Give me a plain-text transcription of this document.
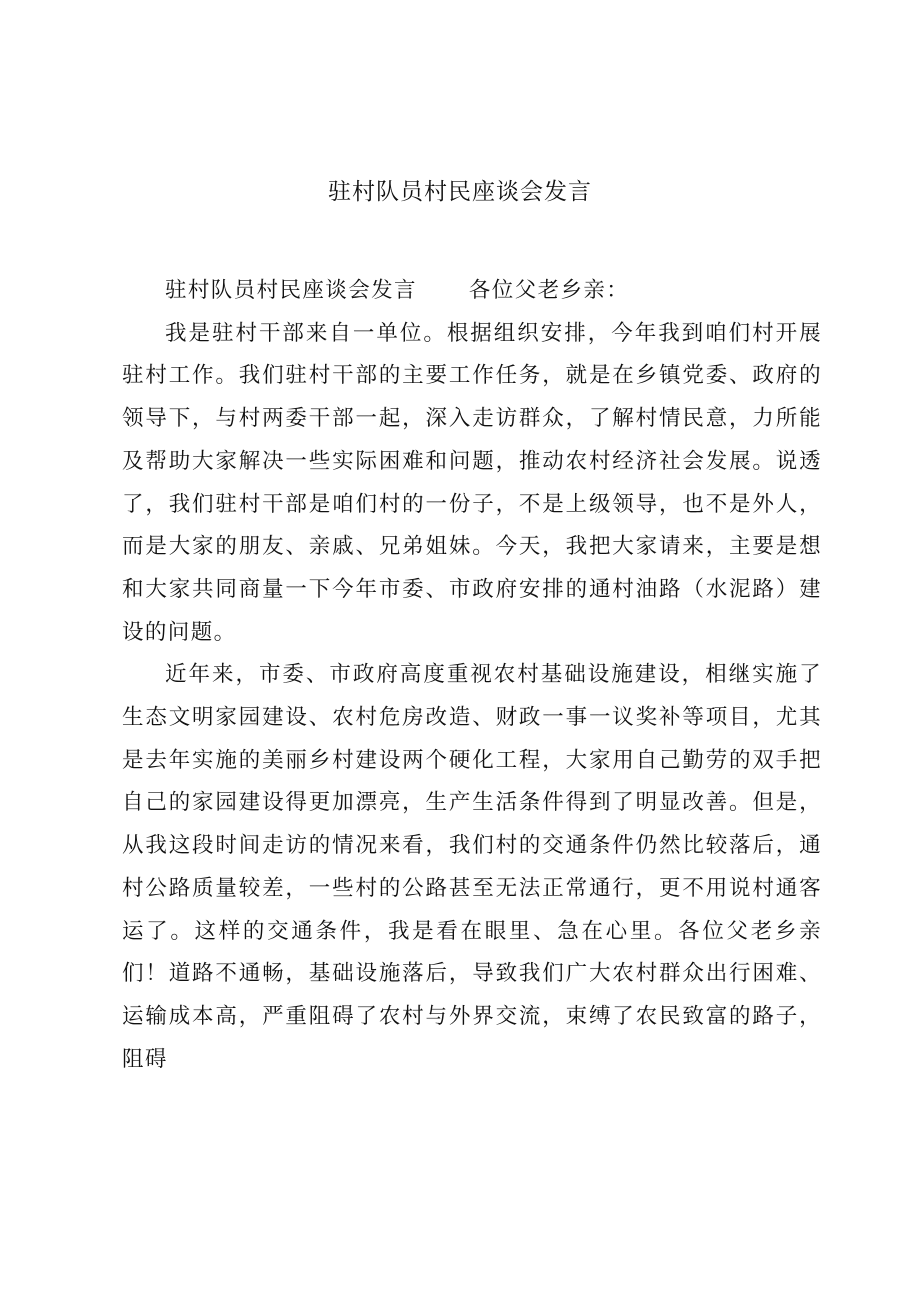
驻村队员村民座谈会发言

驻村队员村民座谈会发言 各位父老乡亲：

我是驻村干部来自一单位。根据组织安排，今年我到咱们村开展驻村工作。我们驻村干部的主要工作任务，就是在乡镇党委、政府的领导下，与村两委干部一起，深入走访群众，了解村情民意，力所能及帮助大家解决一些实际困难和问题，推动农村经济社会发展。说透了，我们驻村干部是咱们村的一份子，不是上级领导，也不是外人，而是大家的朋友、亲戚、兄弟姐妹。今天，我把大家请来，主要是想和大家共同商量一下今年市委、市政府安排的通村油路（水泥路）建设的问题。

近年来，市委、市政府高度重视农村基础设施建设，相继实施了生态文明家园建设、农村危房改造、财政一事一议奖补等项目，尤其是去年实施的美丽乡村建设两个硬化工程，大家用自己勤劳的双手把自己的家园建设得更加漂亮，生产生活条件得到了明显改善。但是，从我这段时间走访的情况来看，我们村的交通条件仍然比较落后，通村公路质量较差，一些村的公路甚至无法正常通行，更不用说村通客运了。这样的交通条件，我是看在眼里、急在心里。各位父老乡亲们！道路不通畅，基础设施落后，导致我们广大农村群众出行困难、运输成本高，严重阻碍了农村与外界交流，束缚了农民致富的路子，阻碍
